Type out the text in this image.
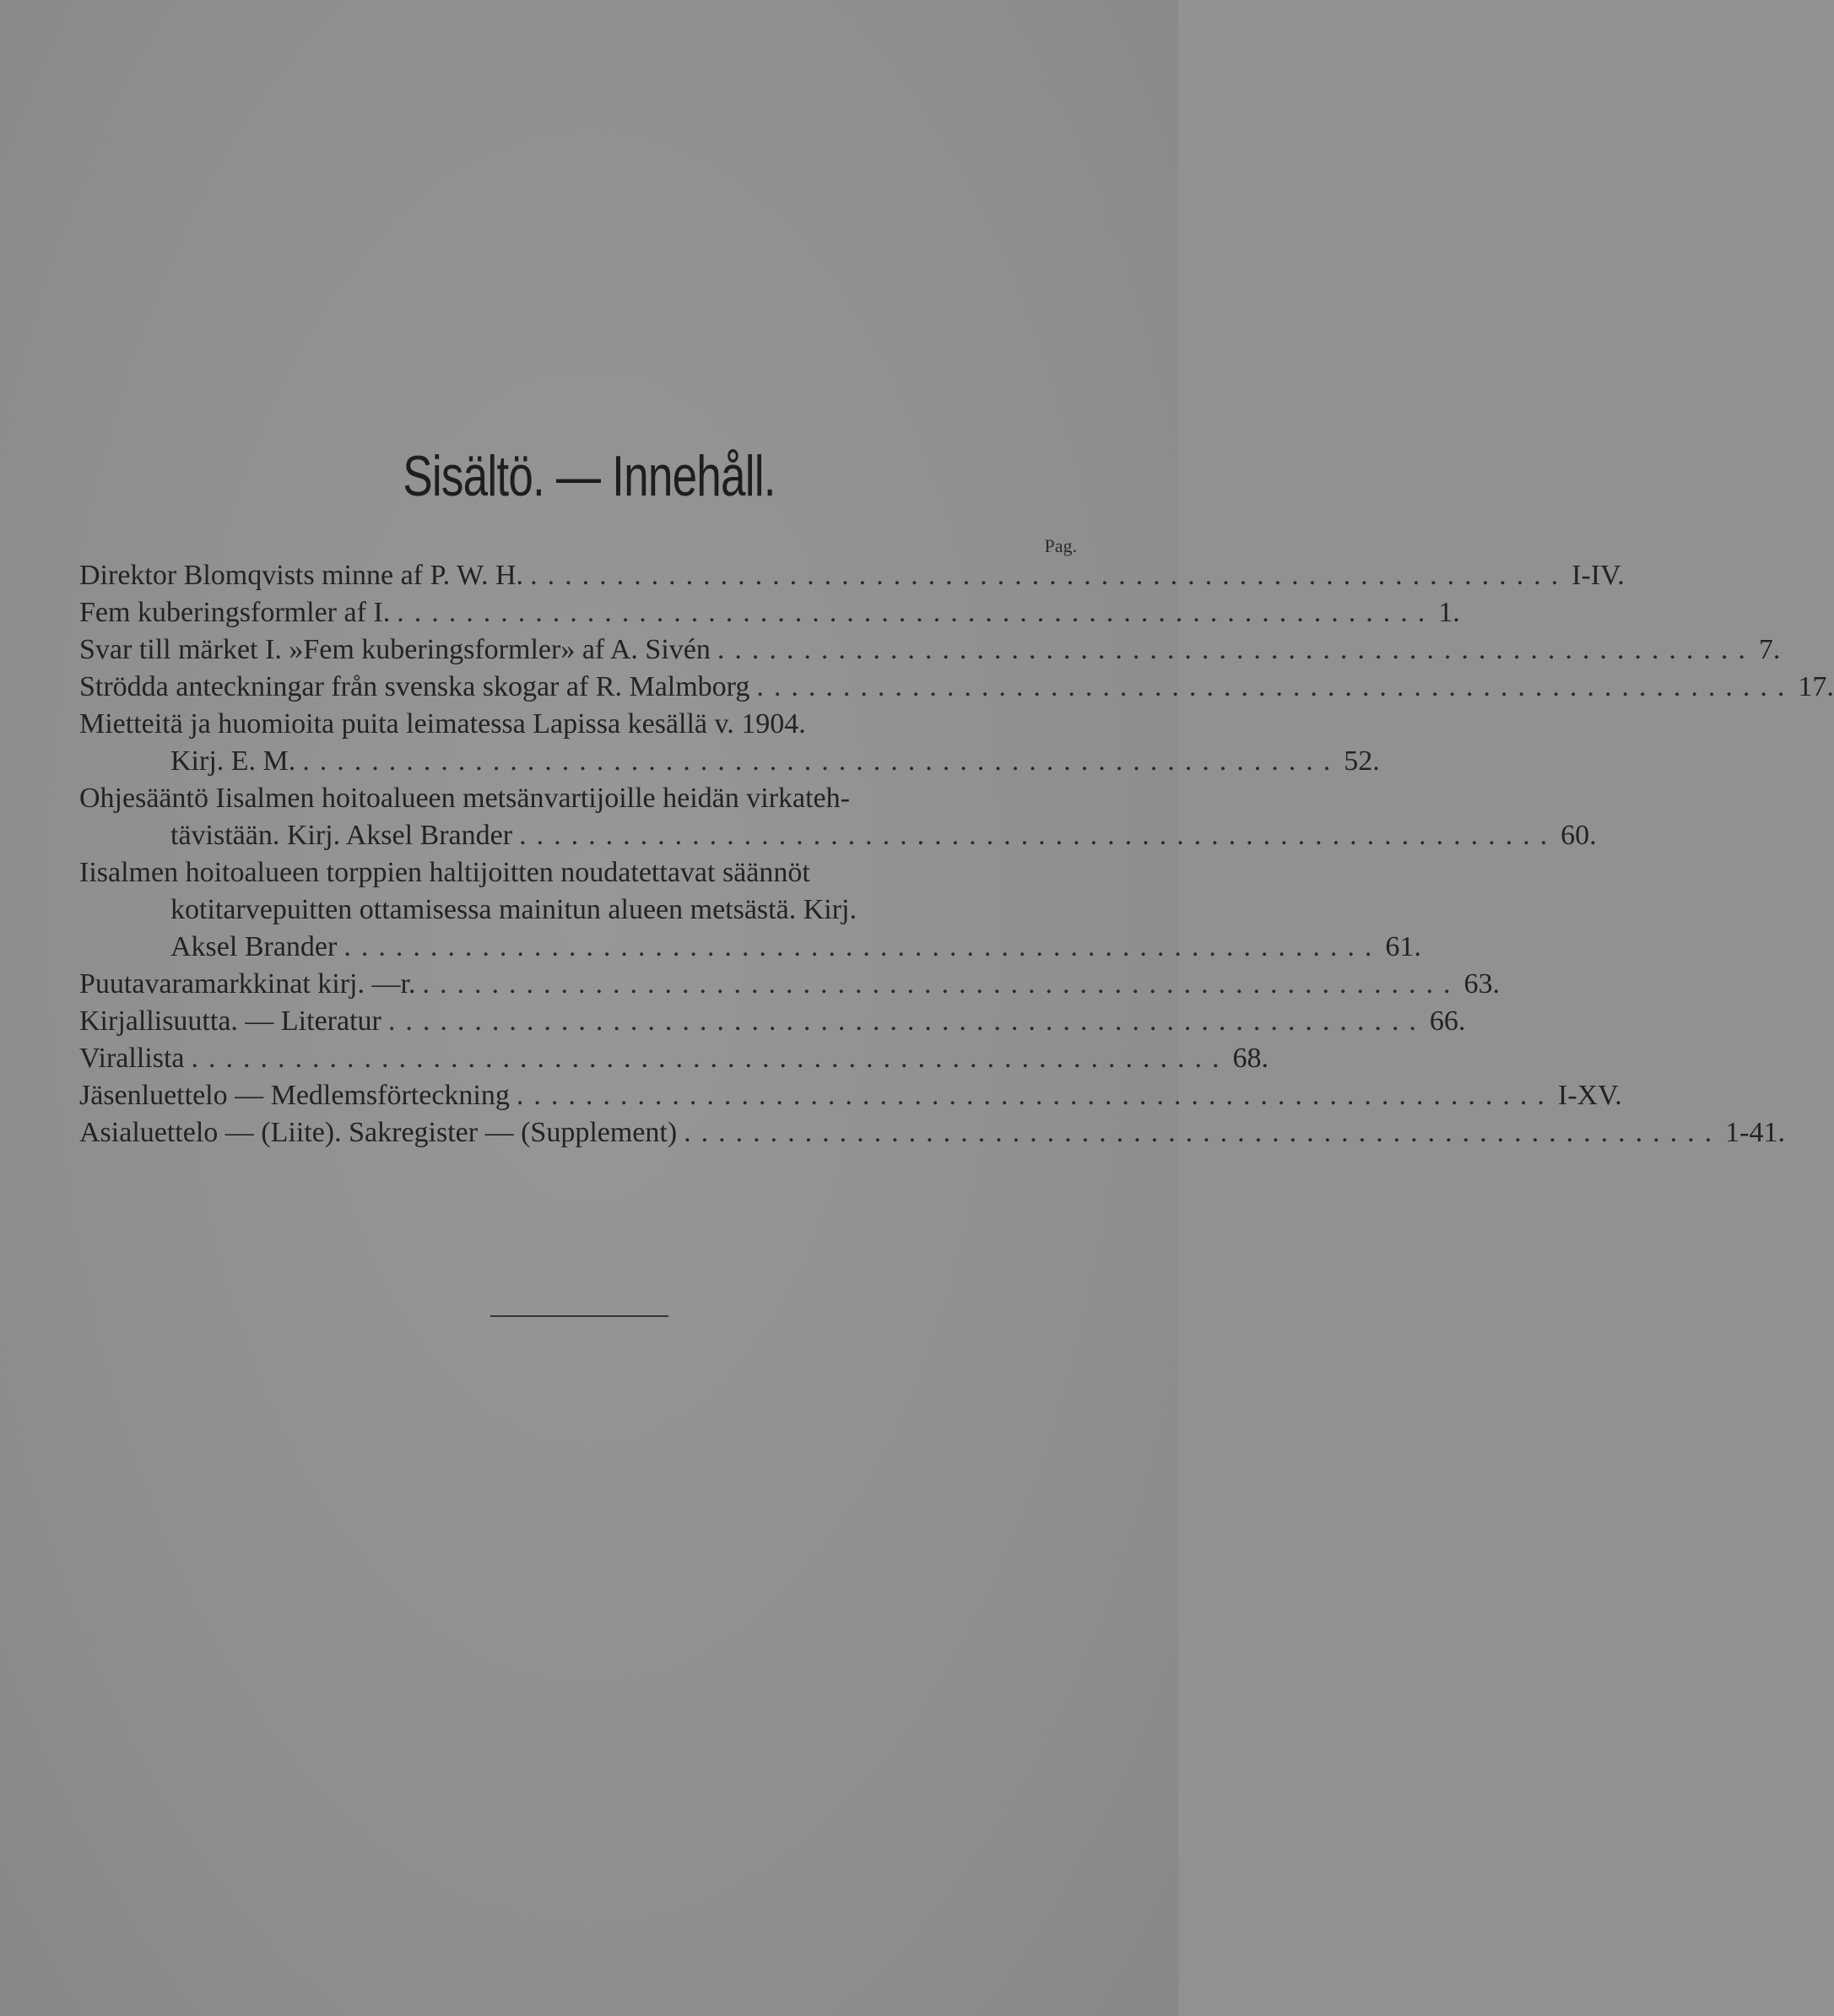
Sisältö. — Innehåll.
Pag.
Direktor Blomqvists minne af P. W. H. ............................................................ I-IV.
Fem kuberingsformler af I. ............................................................ 1.
Svar till märket I. »Fem kuberingsformler» af A. Sivén ............................................................ 7.
Strödda anteckningar från svenska skogar af R. Malmborg ............................................................ 17.
Mietteitä ja huomioita puita leimatessa Lapissa kesällä v. 1904.
Kirj. E. M. ............................................................ 52.
Ohjesääntö Iisalmen hoitoalueen metsänvartijoille heidän virkateh-
tävistään. Kirj. Aksel Brander ............................................................ 60.
Iisalmen hoitoalueen torppien haltijoitten noudatettavat säännöt
kotitarvepuitten ottamisessa mainitun alueen metsästä. Kirj.
Aksel Brander ............................................................ 61.
Puutavaramarkkinat kirj. —r. ............................................................ 63.
Kirjallisuutta. — Literatur ............................................................ 66.
Virallista ............................................................ 68.
Jäsenluettelo — Medlemsförteckning ............................................................ I-XV.
Asialuettelo — (Liite). Sakregister — (Supplement) ............................................................ 1-41.
